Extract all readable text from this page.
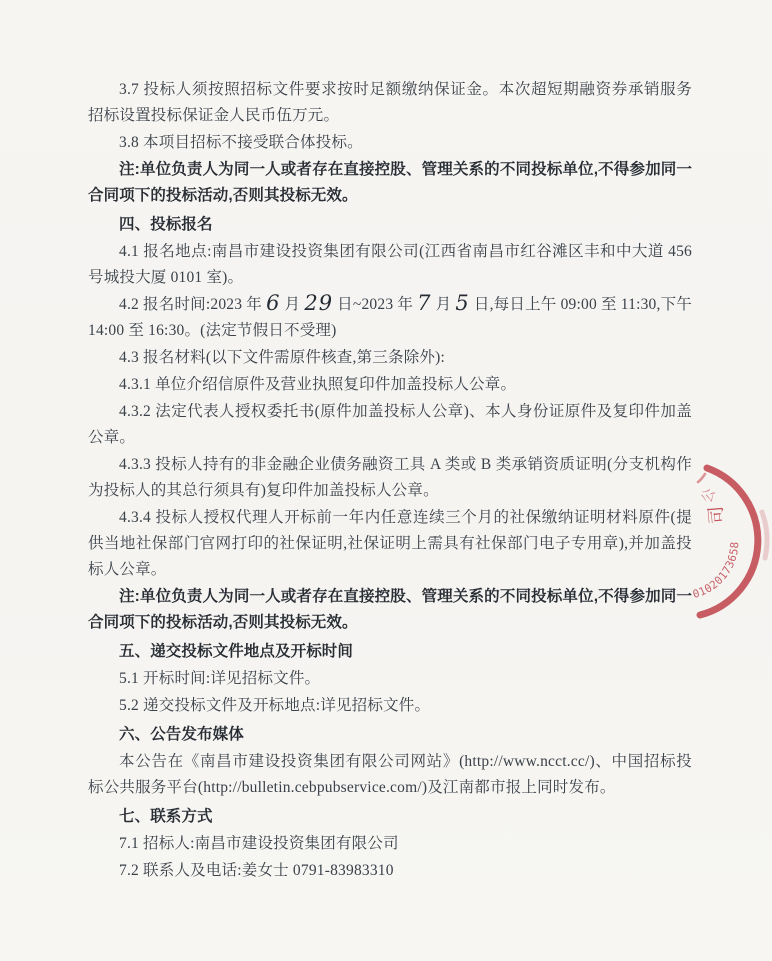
3.7 投标人须按照招标文件要求按时足额缴纳保证金。本次超短期融资券承销服务招标设置投标保证金人民币伍万元。

3.8 本项目招标不接受联合体投标。

注:单位负责人为同一人或者存在直接控股、管理关系的不同投标单位,不得参加同一合同项下的投标活动,否则其投标无效。

四、投标报名

4.1 报名地点:南昌市建设投资集团有限公司(江西省南昌市红谷滩区丰和中大道 456 号城投大厦 0101 室)。

4.2 报名时间:2023 年 6 月 29 日~2023 年 7 月 5 日,每日上午 09:00 至 11:30,下午 14:00 至 16:30。(法定节假日不受理)

4.3 报名材料(以下文件需原件核查,第三条除外):

4.3.1 单位介绍信原件及营业执照复印件加盖投标人公章。

4.3.2 法定代表人授权委托书(原件加盖投标人公章)、本人身份证原件及复印件加盖公章。

4.3.3 投标人持有的非金融企业债务融资工具 A 类或 B 类承销资质证明(分支机构作为投标人的其总行须具有)复印件加盖投标人公章。

4.3.4 投标人授权代理人开标前一年内任意连续三个月的社保缴纳证明材料原件(提供当地社保部门官网打印的社保证明,社保证明上需具有社保部门电子专用章),并加盖投标人公章。

注:单位负责人为同一人或者存在直接控股、管理关系的不同投标单位,不得参加同一合同项下的投标活动,否则其投标无效。

五、递交投标文件地点及开标时间

5.1 开标时间:详见招标文件。

5.2 递交投标文件及开标地点:详见招标文件。

六、公告发布媒体

本公告在《南昌市建设投资集团有限公司网站》(http://www.ncct.cc/)、中国招标投标公共服务平台(http://bulletin.cebpubservice.com/)及江南都市报上同时发布。

七、联系方式

7.1 招标人:南昌市建设投资集团有限公司

7.2 联系人及电话:姜女士 0791-83983310

01020173658
司
公
